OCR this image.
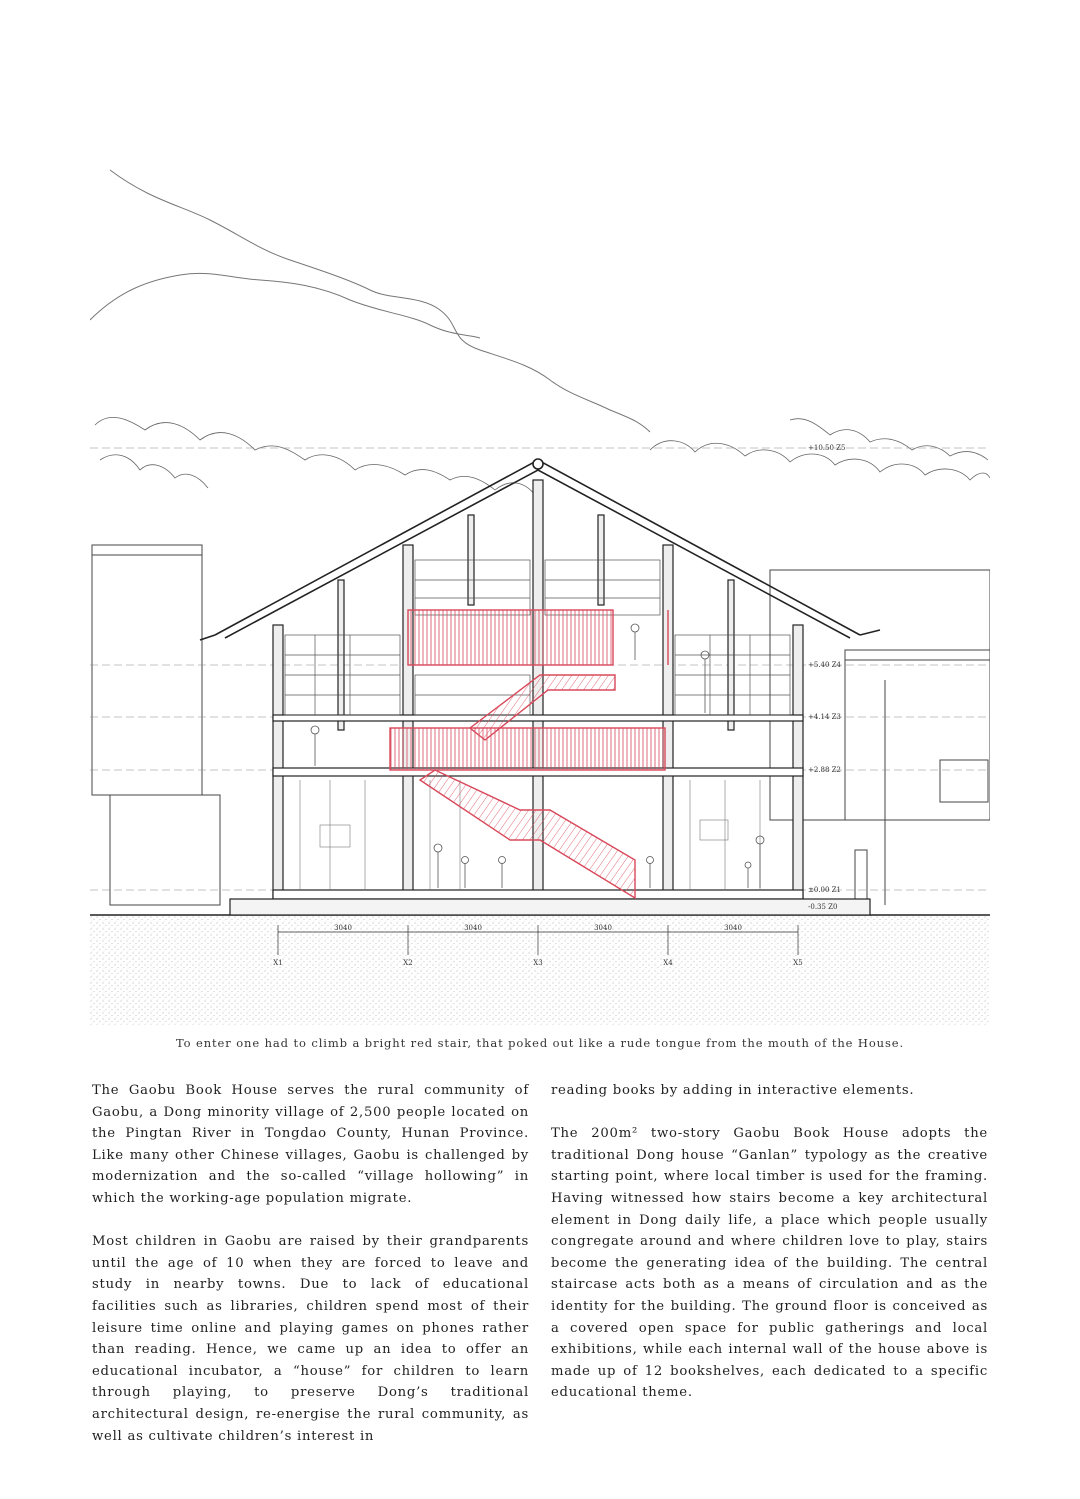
+10.50 Z5
+5.40 Z4
+4.14 Z3
+2.88 Z2
±0.00 Z1
-0.35 Z0
3040	3040	3040	3040
X1	X2	X3	X4	X5
To enter one had to climb a bright red stair, that poked out like a rude tongue from the mouth of the House.

The Gaobu Book House serves the rural community of Gaobu, a Dong minority village of 2,500 people located on the Pingtan River in Tongdao County, Hunan Province. Like many other Chinese villages, Gaobu is challenged by modernization and the so-called “village hollowing” in which the working-age population migrate.

Most children in Gaobu are raised by their grandparents until the age of 10 when they are forced to leave and study in nearby towns. Due to lack of educational facilities such as libraries, children spend most of their leisure time online and playing games on phones rather than reading. Hence, we came up an idea to offer an educational incubator, a “house” for children to learn through playing, to preserve Dong’s traditional architectural design, re-energise the rural community, as well as cultivate children’s interest in

reading books by adding in interactive elements.

The 200m² two-story Gaobu Book House adopts the traditional Dong house “Ganlan” typology as the creative starting point, where local timber is used for the framing. Having witnessed how stairs become a key architectural element in Dong daily life, a place which people usually congregate around and where children love to play, stairs become the generating idea of the building. The central staircase acts both as a means of circulation and as the identity for the building. The ground floor is conceived as a covered open space for public gatherings and local exhibitions, while each internal wall of the house above is made up of 12 bookshelves, each dedicated to a specific educational theme.
